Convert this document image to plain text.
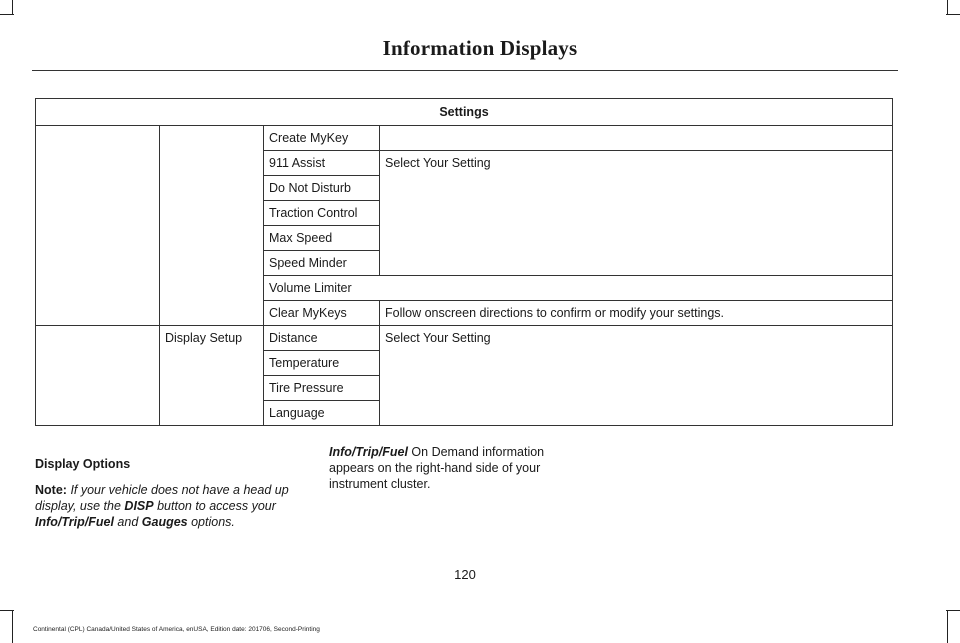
Information Displays
Settings			
		Create MyKey	
		911 Assist	Select Your Setting
		Do Not Disturb	
		Traction Control	
		Max Speed	
		Speed Minder	
		Volume Limiter	
		Clear MyKeys	Follow onscreen directions to confirm or modify your settings.
	Display Setup	Distance	Select Your Setting
		Temperature	
		Tire Pressure	
		Language	
Display Options
Note: If your vehicle does not have a head up display, use the DISP button to access your Info/Trip/Fuel and Gauges options.
Info/Trip/Fuel On Demand information appears on the right-hand side of your instrument cluster.
120
Continental (CPL) Canada/United States of America, enUSA, Edition date: 201706, Second-Printing
